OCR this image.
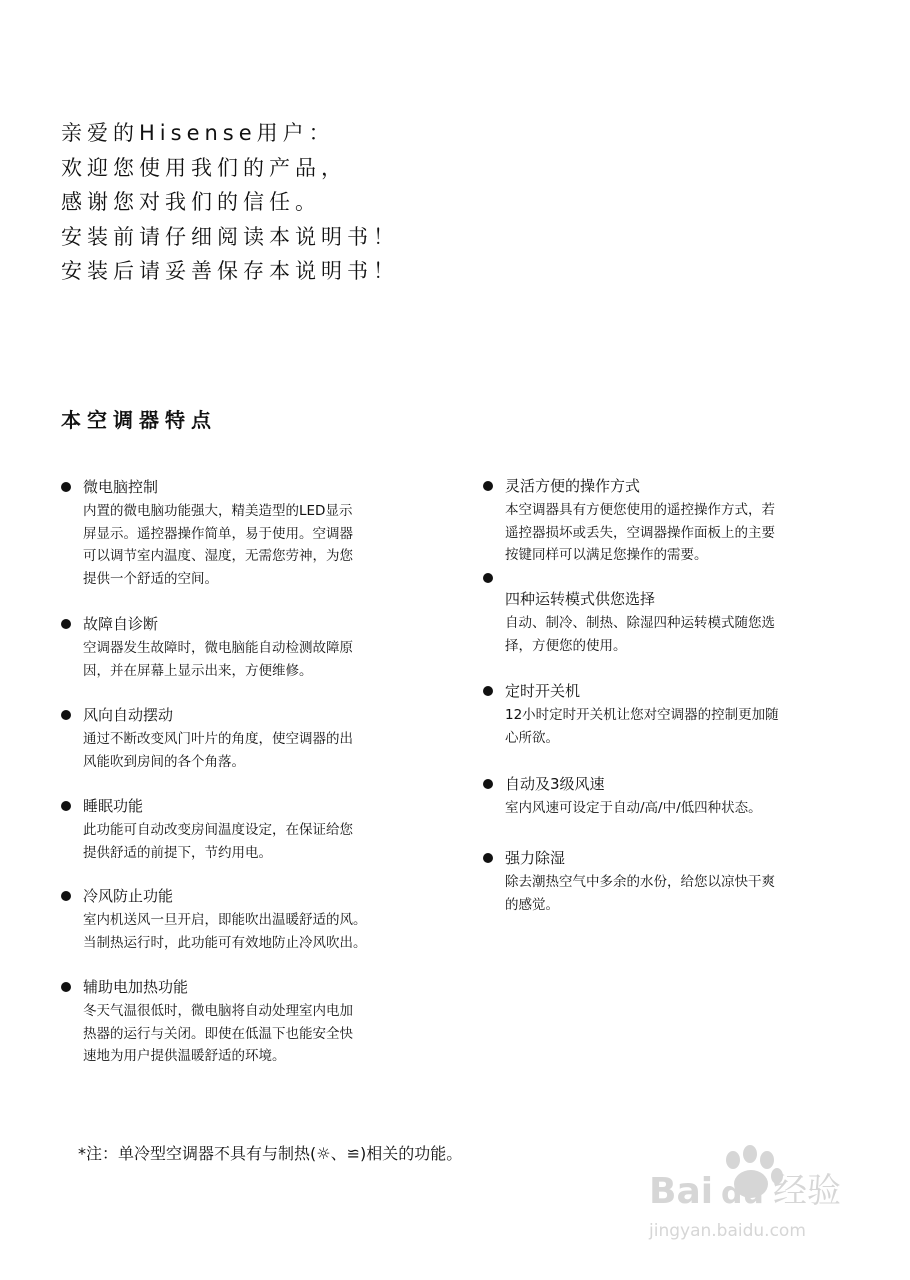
亲爱的Hisense用户：
欢迎您使用我们的产品，
感谢您对我们的信任。
安装前请仔细阅读本说明书！
安装后请妥善保存本说明书！
本空调器特点
微电脑控制
内置的微电脑功能强大，精美造型的LED显示
屏显示。遥控器操作简单，易于使用。空调器
可以调节室内温度、湿度，无需您劳神，为您
提供一个舒适的空间。
故障自诊断
空调器发生故障时，微电脑能自动检测故障原
因，并在屏幕上显示出来，方便维修。
风向自动摆动
通过不断改变风门叶片的角度，使空调器的出
风能吹到房间的各个角落。
睡眠功能
此功能可自动改变房间温度设定，在保证给您
提供舒适的前提下，节约用电。
冷风防止功能
室内机送风一旦开启，即能吹出温暖舒适的风。
当制热运行时，此功能可有效地防止冷风吹出。
辅助电加热功能
冬天气温很低时，微电脑将自动处理室内电加
热器的运行与关闭。即使在低温下也能安全快
速地为用户提供温暖舒适的环境。
灵活方便的操作方式
本空调器具有方便您使用的遥控操作方式，若
遥控器损坏或丢失，空调器操作面板上的主要
按键同样可以满足您操作的需要。
四种运转模式供您选择
自动、制冷、制热、除湿四种运转模式随您选
择，方便您的使用。
定时开关机
12小时定时开关机让您对空调器的控制更加随
心所欲。
自动及3级风速
室内风速可设定于自动/高/中/低四种状态。
强力除湿
除去潮热空气中多余的水份，给您以凉快干爽
的感觉。
*注：单冷型空调器不具有与制热(☼、≌)相关的功能。
Bai du 经验
jingyan.baidu.com
